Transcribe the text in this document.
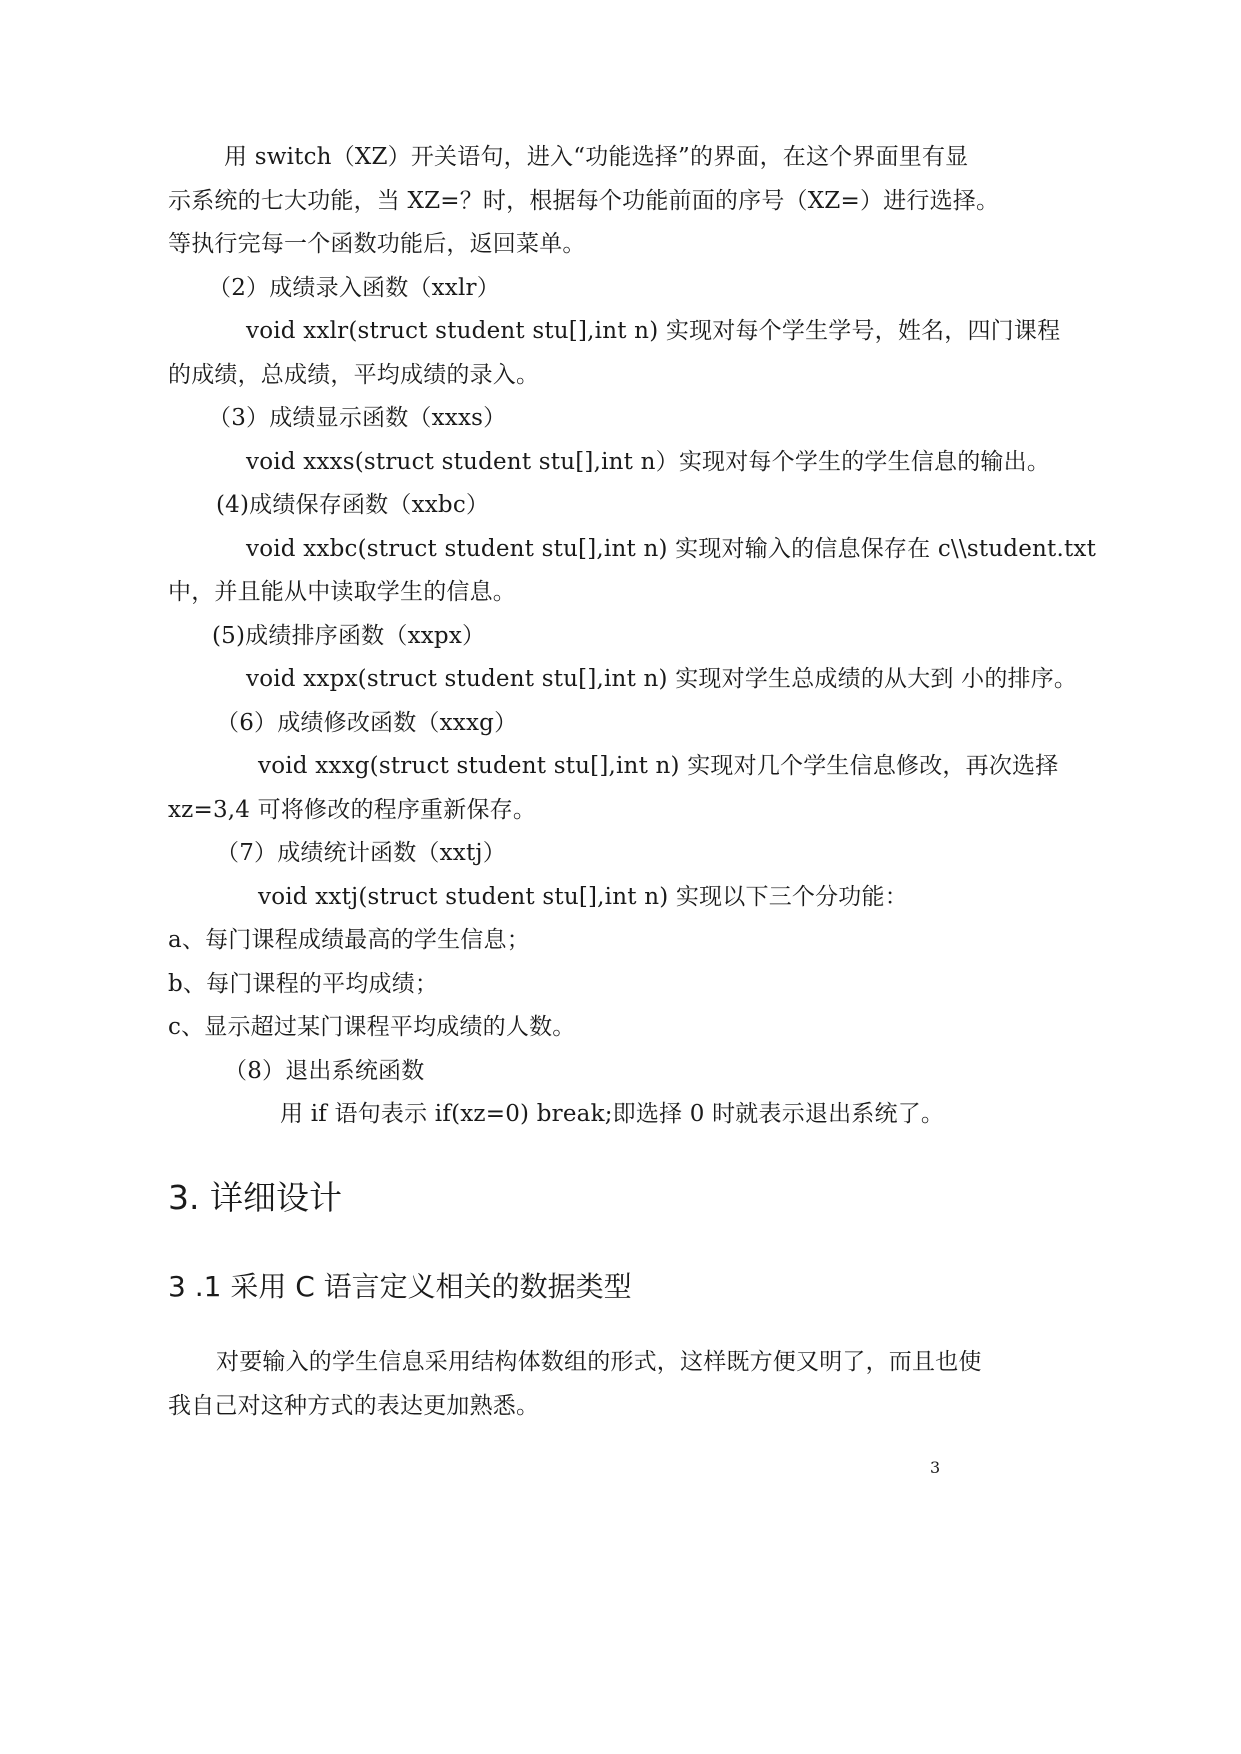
用 switch（XZ）开关语句，进入“功能选择”的界面，在这个界面里有显
示系统的七大功能，当 XZ=？时，根据每个功能前面的序号（XZ=）进行选择。
等执行完每一个函数功能后，返回菜单。
（2）成绩录入函数（xxlr）
void xxlr(struct student stu[],int n) 实现对每个学生学号，姓名，四门课程
的成绩，总成绩，平均成绩的录入。
（3）成绩显示函数（xxxs）
void xxxs(struct student stu[],int n）实现对每个学生的学生信息的输出。
(4)成绩保存函数（xxbc）
void xxbc(struct student stu[],int n) 实现对输入的信息保存在 c\\student.txt
中，并且能从中读取学生的信息。
(5)成绩排序函数（xxpx）
void xxpx(struct student stu[],int n) 实现对学生总成绩的从大到 小的排序。
（6）成绩修改函数（xxxg）
void xxxg(struct student stu[],int n) 实现对几个学生信息修改，再次选择
xz=3,4 可将修改的程序重新保存。
（7）成绩统计函数（xxtj）
void xxtj(struct student stu[],int n) 实现以下三个分功能：
a、每门课程成绩最高的学生信息；
b、每门课程的平均成绩；
c、显示超过某门课程平均成绩的人数。
（8）退出系统函数
用 if 语句表示 if(xz=0) break;即选择 0 时就表示退出系统了。
3. 详细设计
3 .1 采用 C 语言定义相关的数据类型
对要输入的学生信息采用结构体数组的形式，这样既方便又明了，而且也使
我自己对这种方式的表达更加熟悉。
3
